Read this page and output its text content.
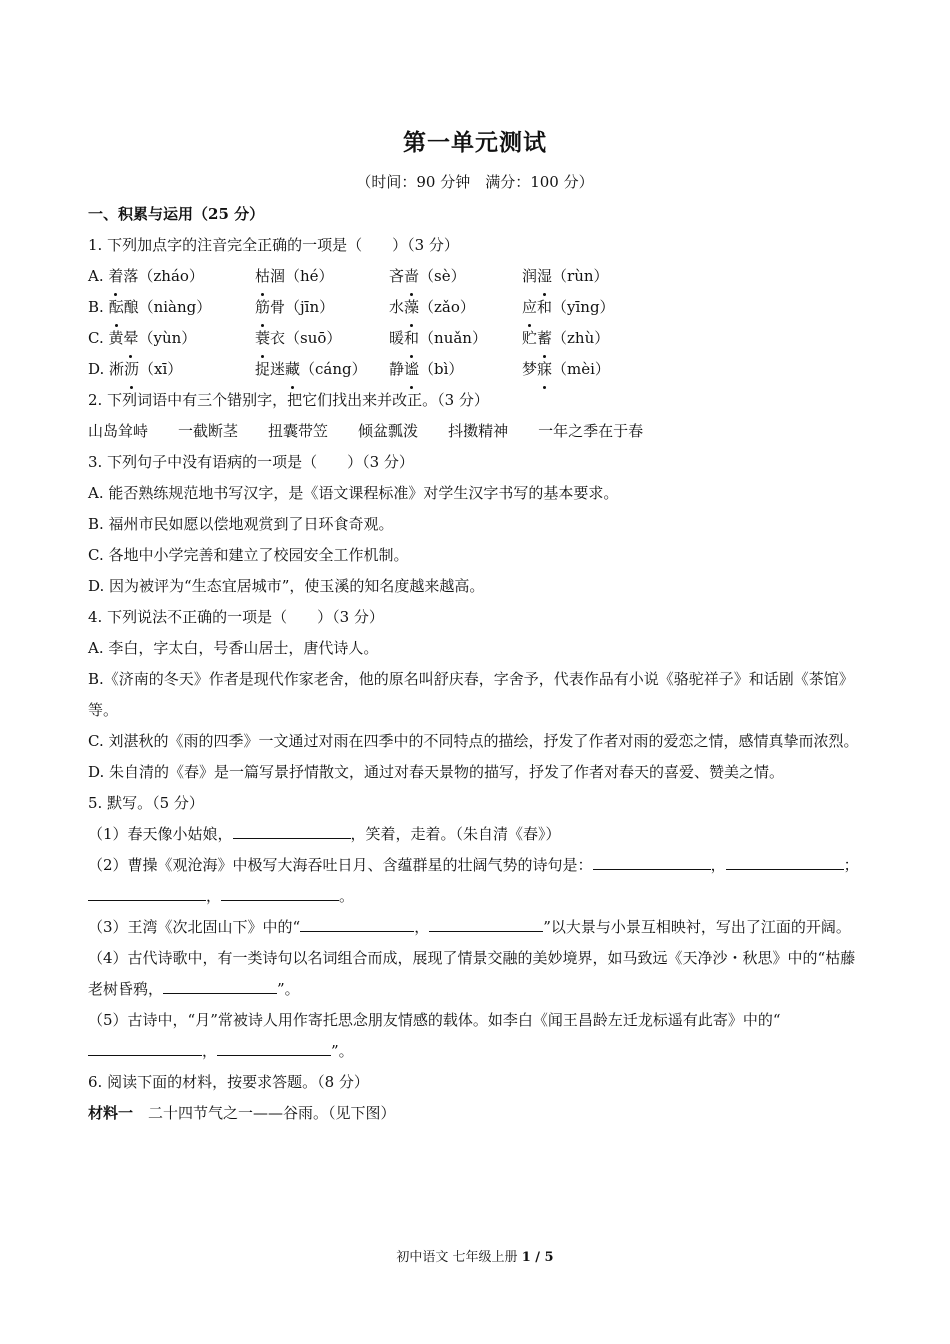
第一单元测试
（时间：90 分钟　满分：100 分）
一、积累与运用（25 分）
1. 下列加点字的注音完全正确的一项是（　　）（3 分）
A. 着落（zháo）	枯涸（hé）	吝啬（sè）	润湿（rùn）
B. 酝酿（niàng）	筋骨（jīn）	水藻（zǎo）	应和（yīng）
C. 黄晕（yùn）	蓑衣（suō）	暖和（nuǎn） 贮蓄（zhù）
D. 淅沥（xī）	捉迷藏（cáng） 静谧（bì）	梦寐（mèi）
2. 下列词语中有三个错别字，把它们找出来并改正。（3 分）
山岛耸峙 一截断茎 扭囊带笠 倾盆瓢泼 抖擞精神 一年之季在于春
3. 下列句子中没有语病的一项是（　　）（3 分）
A. 能否熟练规范地书写汉字，是《语文课程标准》对学生汉字书写的基本要求。
B. 福州市民如愿以偿地观赏到了日环食奇观。
C. 各地中小学完善和建立了校园安全工作机制。
D. 因为被评为“生态宜居城市”，使玉溪的知名度越来越高。
4. 下列说法不正确的一项是（　　）（3 分）
A. 李白，字太白，号香山居士，唐代诗人。
B.《济南的冬天》作者是现代作家老舍，他的原名叫舒庆春，字舍予，代表作品有小说《骆驼祥子》和话剧《茶馆》等。
C. 刘湛秋的《雨的四季》一文通过对雨在四季中的不同特点的描绘，抒发了作者对雨的爱恋之情，感情真挚而浓烈。
D. 朱自清的《春》是一篇写景抒情散文，通过对春天景物的描写，抒发了作者对春天的喜爱、赞美之情。
5. 默写。（5 分）
（1）春天像小姑娘，	，笑着，走着。（朱自清《春》）
（2）曹操《观沧海》中极写大海吞吐日月、含蕴群星的壮阔气势的诗句是：	，	；
，	。
（3）王湾《次北固山下》中的“	，	”以大景与小景互相映衬，写出了江面的开阔。
（4）古代诗歌中，有一类诗句以名词组合而成，展现了情景交融的美妙境界，如马致远《天净沙・秋思》中的“枯藤老树昏鸦，	”。
（5）古诗中，“月”常被诗人用作寄托思念朋友情感的载体。如李白《闻王昌龄左迁龙标遥有此寄》中的“，	”。
6. 阅读下面的材料，按要求答题。（8 分）
材料一　二十四节气之一——谷雨。（见下图）
初中语文 七年级上册 1 / 5
